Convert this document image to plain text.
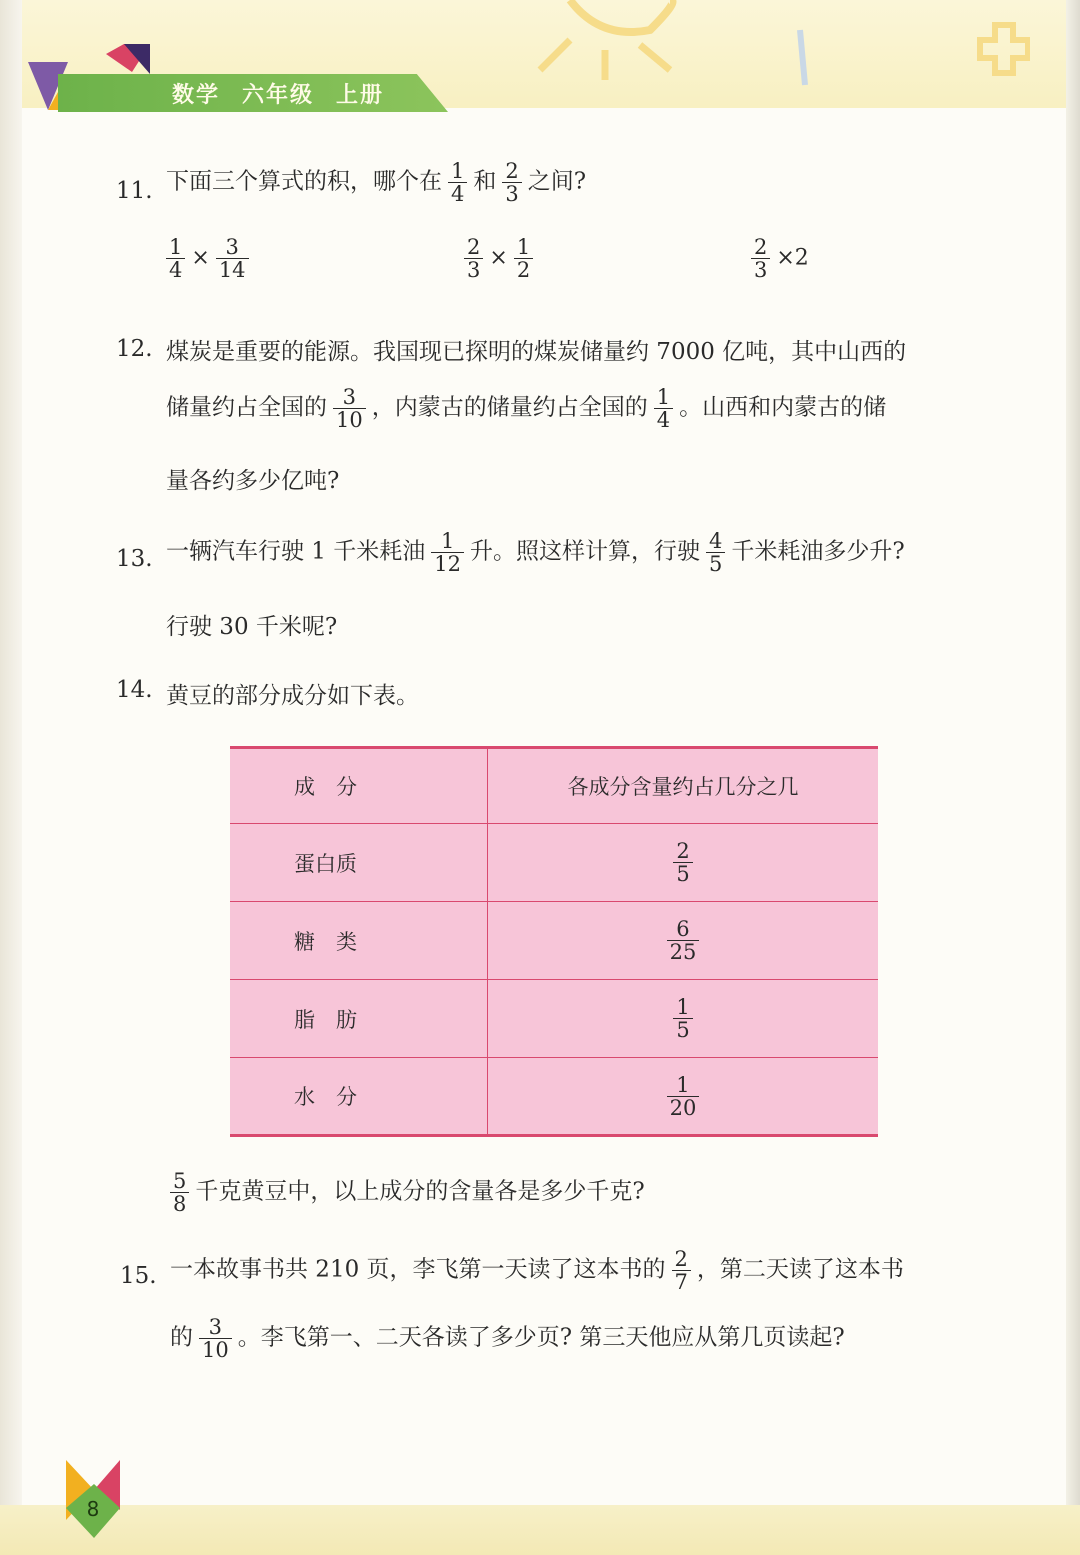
数学 六年级 上册
11. 下面三个算式的积，哪个在 $\frac{1}{4}$ 和 $\frac{2}{3}$ 之间?
$\frac{1}{4} \times \frac{3}{14}$	$\frac{2}{3} \times \frac{1}{2}$	$\frac{2}{3} \times 2$
12. 煤炭是重要的能源。我国现已探明的煤炭储量约 7000 亿吨，其中山西的
储量约占全国的 $\frac{3}{10}$ ，内蒙古的储量约占全国的 $\frac{1}{4}$ 。山西和内蒙古的储
量各约多少亿吨?
13. 一辆汽车行驶 1 千米耗油 $\frac{1}{12}$ 升。照这样计算，行驶 $\frac{4}{5}$ 千米耗油多少升?
行驶 30 千米呢?
14. 黄豆的部分成分如下表。
成　分	各成分含量约占几分之几
蛋白质	$\frac{2}{5}$

糖　类	$\frac{6}{25}$

脂　肪	$\frac{1}{5}$

水　分	$\frac{1}{20}$
$\frac{5}{8}$ 千克黄豆中，以上成分的含量各是多少千克?
15. 一本故事书共 210 页，李飞第一天读了这本书的 $\frac{2}{7}$ ，第二天读了这本书
的 $\frac{3}{10}$ 。李飞第一、二天各读了多少页? 第三天他应从第几页读起?
8
